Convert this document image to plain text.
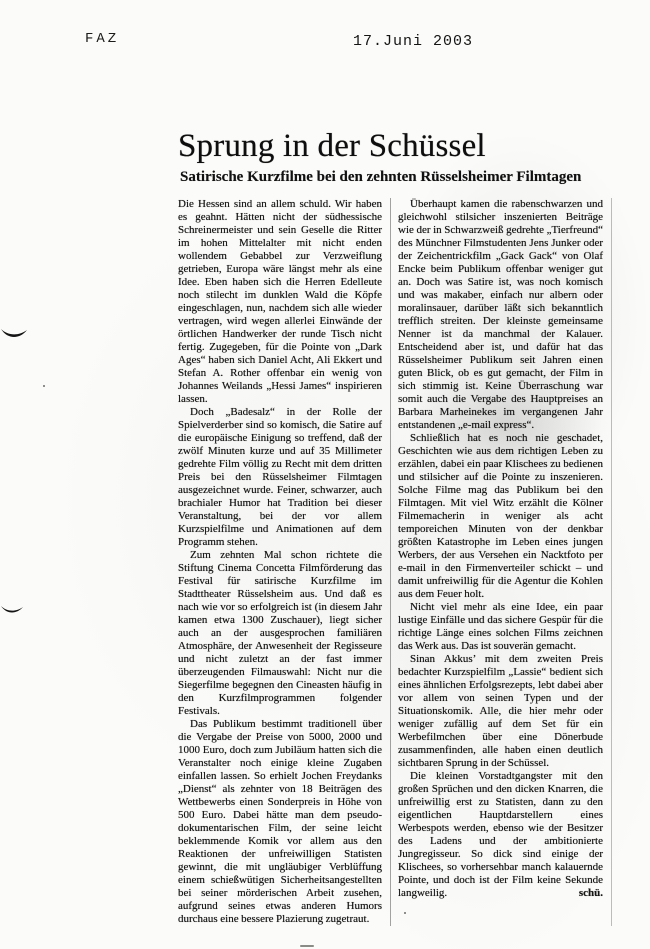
FAZ	17.Juni 2003
Sprung in der Schüssel
Satirische Kurzfilme bei den zehnten Rüsselsheimer Filmtagen

Die Hessen sind an allem schuld. Wir haben es geahnt. Hätten nicht der südhessische Schreinermeister und sein Geselle die Ritter im hohen Mittelalter mit nicht enden wollendem Gebabbel zur Verzweiflung getrieben, Europa wäre längst mehr als eine Idee. Eben haben sich die Herren Edelleute noch stilecht im dunklen Wald die Köpfe eingeschlagen, nun, nachdem sich alle wieder vertragen, wird wegen allerlei Einwände der örtlichen Handwerker der runde Tisch nicht fertig. Zugegeben, für die Pointe von „Dark Ages“ haben sich Daniel Acht, Ali Ekkert und Stefan A. Rother offenbar ein wenig von Johannes Weilands „Hessi James“ inspirieren lassen.

Doch „Badesalz“ in der Rolle der Spielverderber sind so komisch, die Satire auf die europäische Einigung so treffend, daß der zwölf Minuten kurze und auf 35 Millimeter gedrehte Film völlig zu Recht mit dem dritten Preis bei den Rüsselsheimer Filmtagen ausgezeichnet wurde. Feiner, schwarzer, auch brachialer Humor hat Tradition bei dieser Veranstaltung, bei der vor allem Kurzspielfilme und Animationen auf dem Programm stehen.

Zum zehnten Mal schon richtete die Stiftung Cinema Concetta Filmförderung das Festival für satirische Kurzfilme im Stadttheater Rüsselsheim aus. Und daß es nach wie vor so erfolgreich ist (in diesem Jahr kamen etwa 1300 Zuschauer), liegt sicher auch an der ausgesprochen familiären Atmosphäre, der Anwesenheit der Regisseure und nicht zuletzt an der fast immer überzeugenden Filmauswahl: Nicht nur die Siegerfilme begegnen den Cineasten häufig in den Kurzfilmprogrammen folgender Festivals.

Das Publikum bestimmt traditionell über die Vergabe der Preise von 5000, 2000 und 1000 Euro, doch zum Jubiläum hatten sich die Veranstalter noch einige kleine Zugaben einfallen lassen. So erhielt Jochen Freydanks „Dienst“ als zehnter von 18 Beiträgen des Wettbewerbs einen Sonderpreis in Höhe von 500 Euro. Dabei hätte man dem pseudo-dokumentarischen Film, der seine leicht beklemmende Komik vor allem aus den Reaktionen der unfreiwilligen Statisten gewinnt, die mit ungläubiger Verblüffung einem schießwütigen Sicherheitsangestellten bei seiner mörderischen Arbeit zusehen, aufgrund seines etwas anderen Humors durchaus eine bessere Plazierung zugetraut.

Überhaupt kamen die rabenschwarzen und gleichwohl stilsicher inszenierten Beiträge wie der in Schwarzweiß gedrehte „Tierfreund“ des Münchner Filmstudenten Jens Junker oder der Zeichentrickfilm „Gack Gack“ von Olaf Encke beim Publikum offenbar weniger gut an. Doch was Satire ist, was noch komisch und was makaber, einfach nur albern oder moralinsauer, darüber läßt sich bekanntlich trefflich streiten. Der kleinste gemeinsame Nenner ist da manchmal der Kalauer. Entscheidend aber ist, und dafür hat das Rüsselsheimer Publikum seit Jahren einen guten Blick, ob es gut gemacht, der Film in sich stimmig ist. Keine Überraschung war somit auch die Vergabe des Hauptpreises an Barbara Marheinekes im vergangenen Jahr entstandenen „e-mail express“.

Schließlich hat es noch nie geschadet, Geschichten wie aus dem richtigen Leben zu erzählen, dabei ein paar Klischees zu bedienen und stilsicher auf die Pointe zu inszenieren. Solche Filme mag das Publikum bei den Filmtagen. Mit viel Witz erzählt die Kölner Filmemacherin in weniger als acht temporeichen Minuten von der denkbar größten Katastrophe im Leben eines jungen Werbers, der aus Versehen ein Nacktfoto per e-mail in den Firmenverteiler schickt – und damit unfreiwillig für die Agentur die Kohlen aus dem Feuer holt.

Nicht viel mehr als eine Idee, ein paar lustige Einfälle und das sichere Gespür für die richtige Länge eines solchen Films zeichnen das Werk aus. Das ist souverän gemacht.

Sinan Akkus’ mit dem zweiten Preis bedachter Kurzspielfilm „Lassie“ bedient sich eines ähnlichen Erfolgsrezepts, lebt dabei aber vor allem von seinen Typen und der Situationskomik. Alle, die hier mehr oder weniger zufällig auf dem Set für ein Werbefilmchen über eine Dönerbude zusammenfinden, alle haben einen deutlich sichtbaren Sprung in der Schüssel.

Die kleinen Vorstadtgangster mit den großen Sprüchen und den dicken Knarren, die unfreiwillig erst zu Statisten, dann zu den eigentlichen Hauptdarstellern eines Werbespots werden, ebenso wie der Besitzer des Ladens und der ambitionierte Jungregisseur. So dick sind einige der Klischees, so vorhersehbar manch kalauernde Pointe, und doch ist der Film keine Sekunde langweilig.	schü.
